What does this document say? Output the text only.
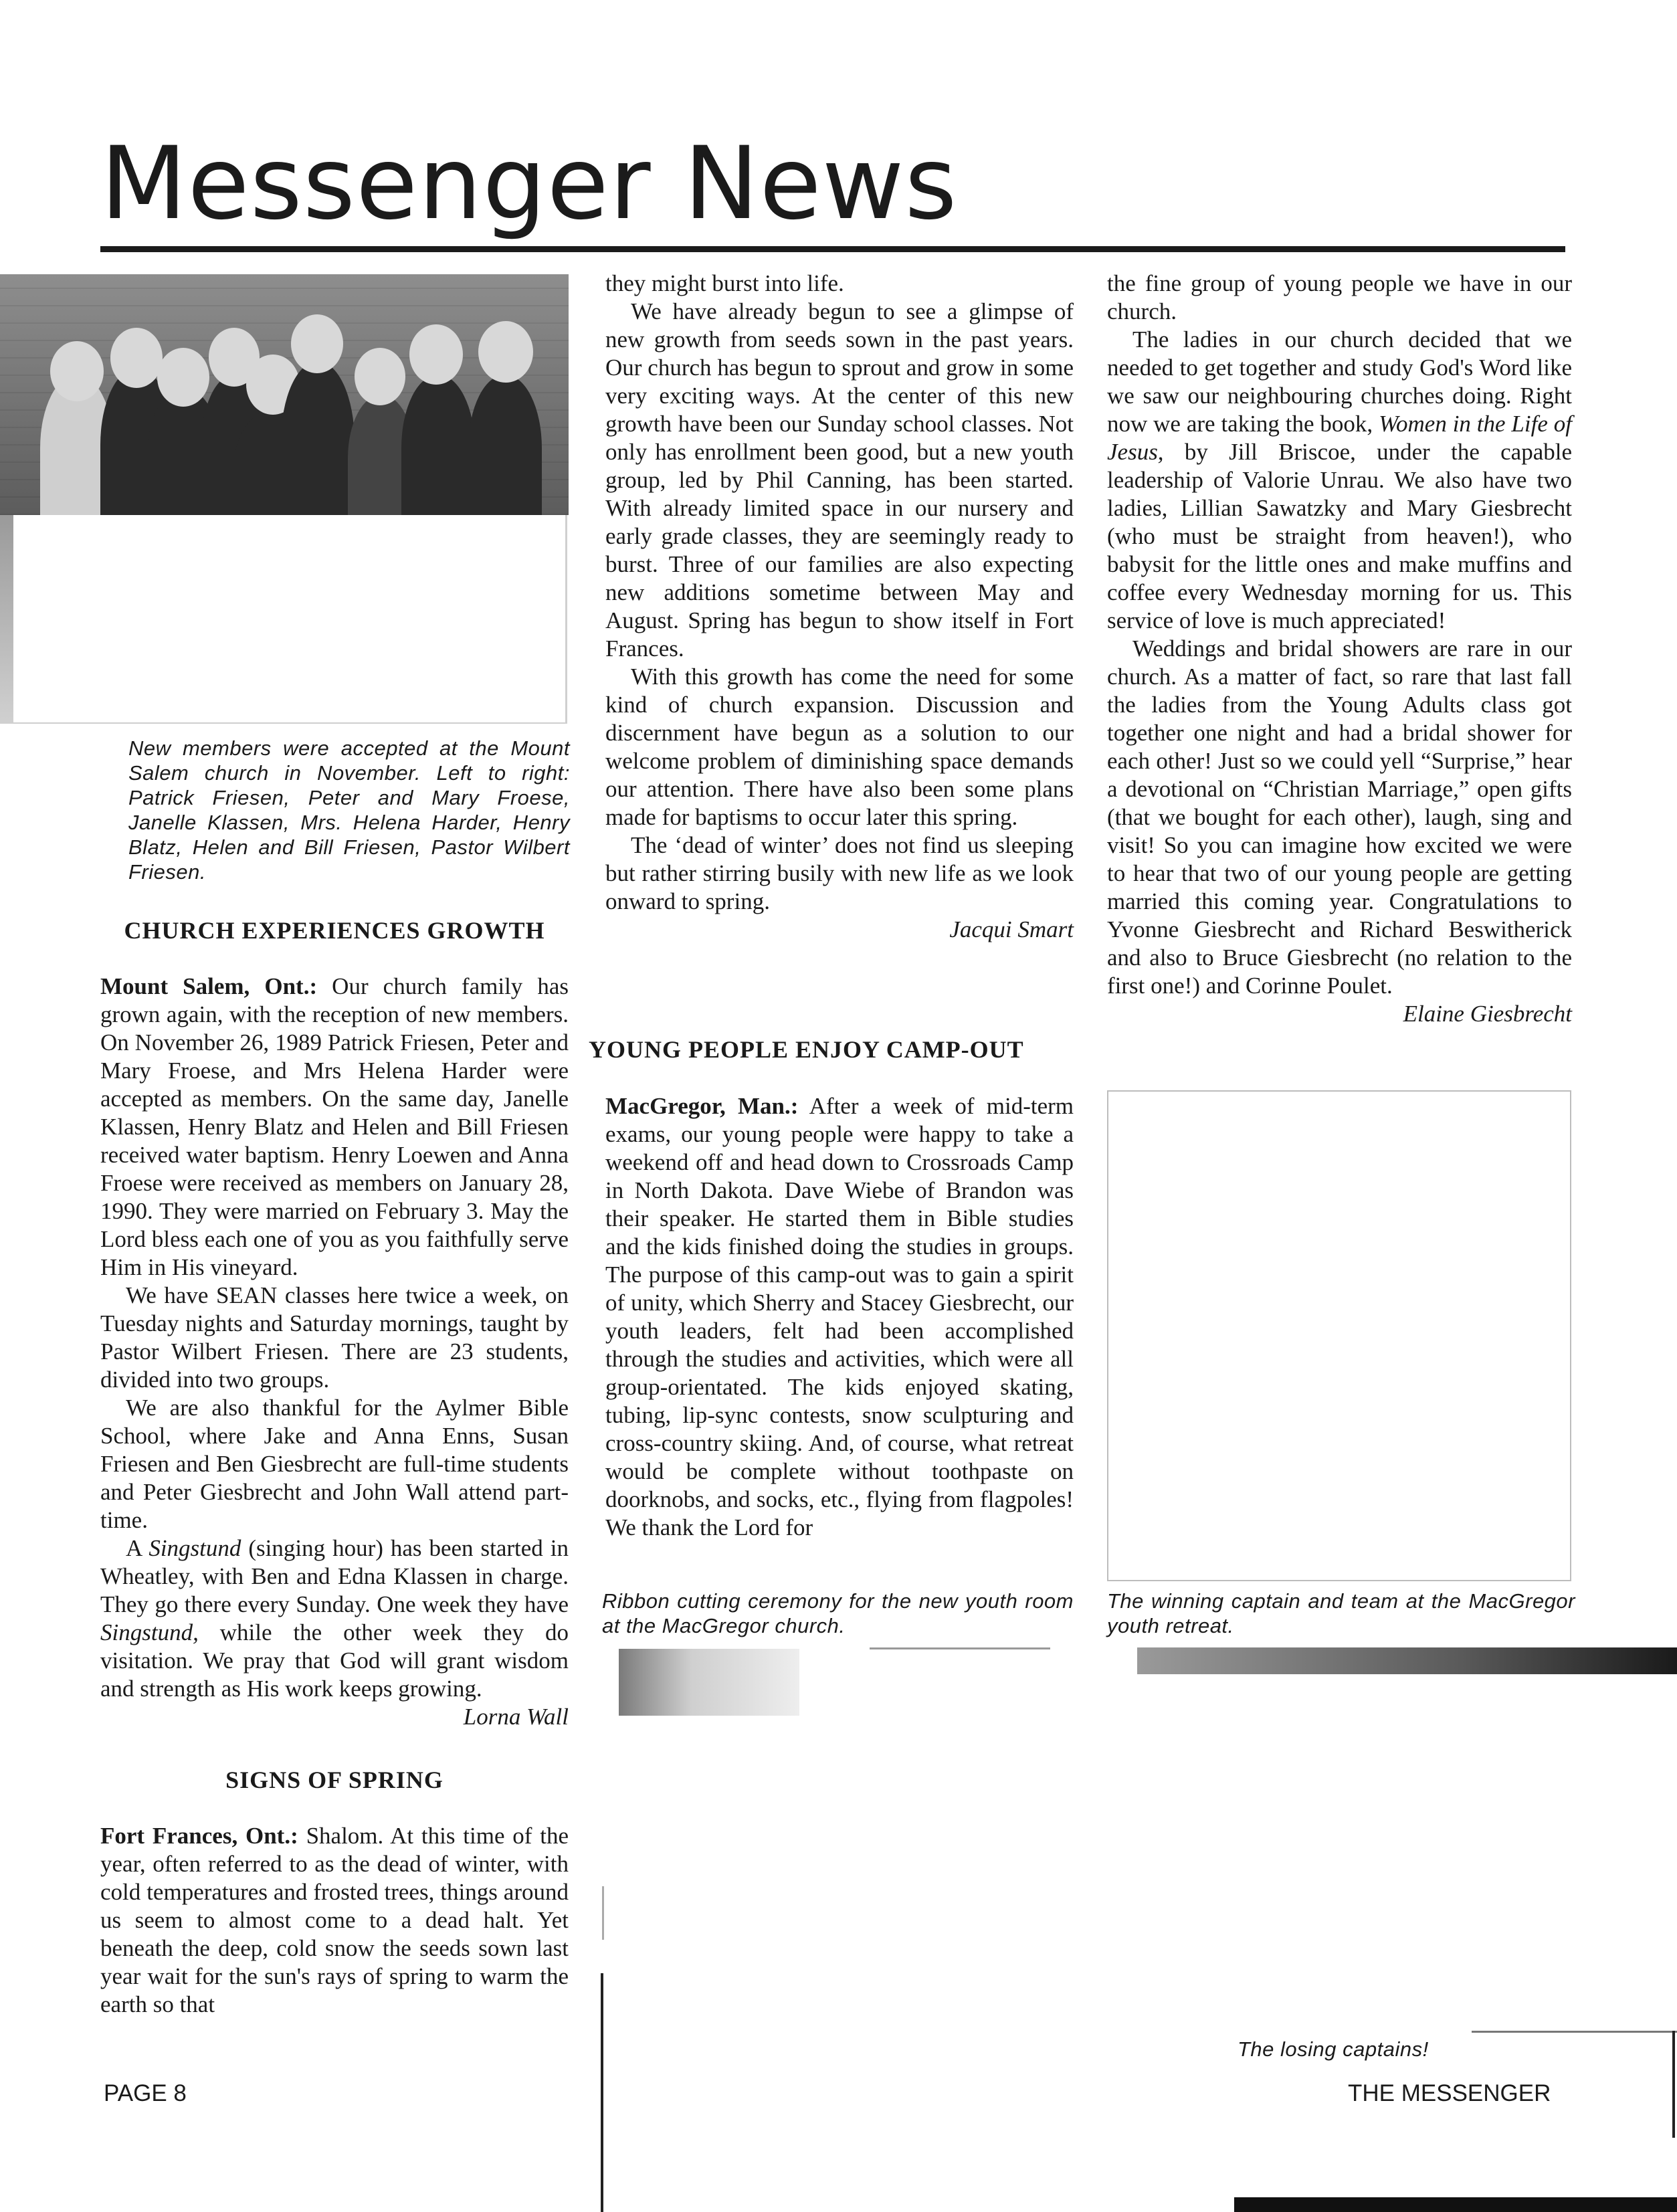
Messenger News

New members were accepted at the Mount Salem church in November. Left to right: Patrick Friesen, Peter and Mary Froese, Janelle Klassen, Mrs. Helena Harder, Henry Blatz, Helen and Bill Friesen, Pastor Wilbert Friesen.

CHURCH EXPERIENCES GROWTH

Mount Salem, Ont.: Our church family has grown again, with the reception of new members. On November 26, 1989 Patrick Friesen, Peter and Mary Froese, and Mrs Helena Harder were accepted as members. On the same day, Janelle Klassen, Henry Blatz and Helen and Bill Friesen received water baptism. Henry Loewen and Anna Froese were received as members on January 28, 1990. They were married on February 3. May the Lord bless each one of you as you faithfully serve Him in His vineyard.

We have SEAN classes here twice a week, on Tuesday nights and Saturday mornings, taught by Pastor Wilbert Friesen. There are 23 students, divided into two groups.

We are also thankful for the Aylmer Bible School, where Jake and Anna Enns, Susan Friesen and Ben Giesbrecht are full-time students and Peter Giesbrecht and John Wall attend part-time.

A Singstund (singing hour) has been started in Wheatley, with Ben and Edna Klassen in charge. They go there every Sunday. One week they have Singstund, while the other week they do visitation. We pray that God will grant wisdom and strength as His work keeps growing.

Lorna Wall

SIGNS OF SPRING

Fort Frances, Ont.: Shalom. At this time of the year, often referred to as the dead of winter, with cold temperatures and frosted trees, things around us seem to almost come to a dead halt. Yet beneath the deep, cold snow the seeds sown last year wait for the sun's rays of spring to warm the earth so that

PAGE 8

they might burst into life.

We have already begun to see a glimpse of new growth from seeds sown in the past years. Our church has begun to sprout and grow in some very exciting ways. At the center of this new growth have been our Sunday school classes. Not only has enrollment been good, but a new youth group, led by Phil Canning, has been started. With already limited space in our nursery and early grade classes, they are seemingly ready to burst. Three of our families are also expecting new additions sometime between May and August. Spring has begun to show itself in Fort Frances.

With this growth has come the need for some kind of church expansion. Discussion and discernment have begun as a solution to our welcome problem of diminishing space demands our attention. There have also been some plans made for baptisms to occur later this spring.

The ‘dead of winter’ does not find us sleeping but rather stirring busily with new life as we look onward to spring.

Jacqui Smart

YOUNG PEOPLE ENJOY CAMP-OUT

MacGregor, Man.: After a week of mid-term exams, our young people were happy to take a weekend off and head down to Crossroads Camp in North Dakota. Dave Wiebe of Brandon was their speaker. He started them in Bible studies and the kids finished doing the studies in groups. The purpose of this camp-out was to gain a spirit of unity, which Sherry and Stacey Giesbrecht, our youth leaders, felt had been accomplished through the studies and activities, which were all group-orientated. The kids enjoyed skating, tubing, lip-sync contests, snow sculpturing and cross-country skiing. And, of course, what retreat would be complete without toothpaste on doorknobs, and socks, etc., flying from flagpoles! We thank the Lord for

Ribbon cutting ceremony for the new youth room at the MacGregor church.

the fine group of young people we have in our church.

The ladies in our church decided that we needed to get together and study God's Word like we saw our neighbouring churches doing. Right now we are taking the book, Women in the Life of Jesus, by Jill Briscoe, under the capable leadership of Valorie Unrau. We also have two ladies, Lillian Sawatzky and Mary Giesbrecht (who must be straight from heaven!), who babysit for the little ones and make muffins and coffee every Wednesday morning for us. This service of love is much appreciated!

Weddings and bridal showers are rare in our church. As a matter of fact, so rare that last fall the ladies from the Young Adults class got together one night and had a bridal shower for each other! Just so we could yell “Surprise,” hear a devotional on “Christian Marriage,” open gifts (that we bought for each other), laugh, sing and visit! So you can imagine how excited we were to hear that two of our young people are getting married this coming year. Congratulations to Yvonne Giesbrecht and Richard Beswitherick and also to Bruce Giesbrecht (no relation to the first one!) and Corinne Poulet.

Elaine Giesbrecht

The winning captain and team at the MacGregor youth retreat.

The losing captains!

THE MESSENGER
